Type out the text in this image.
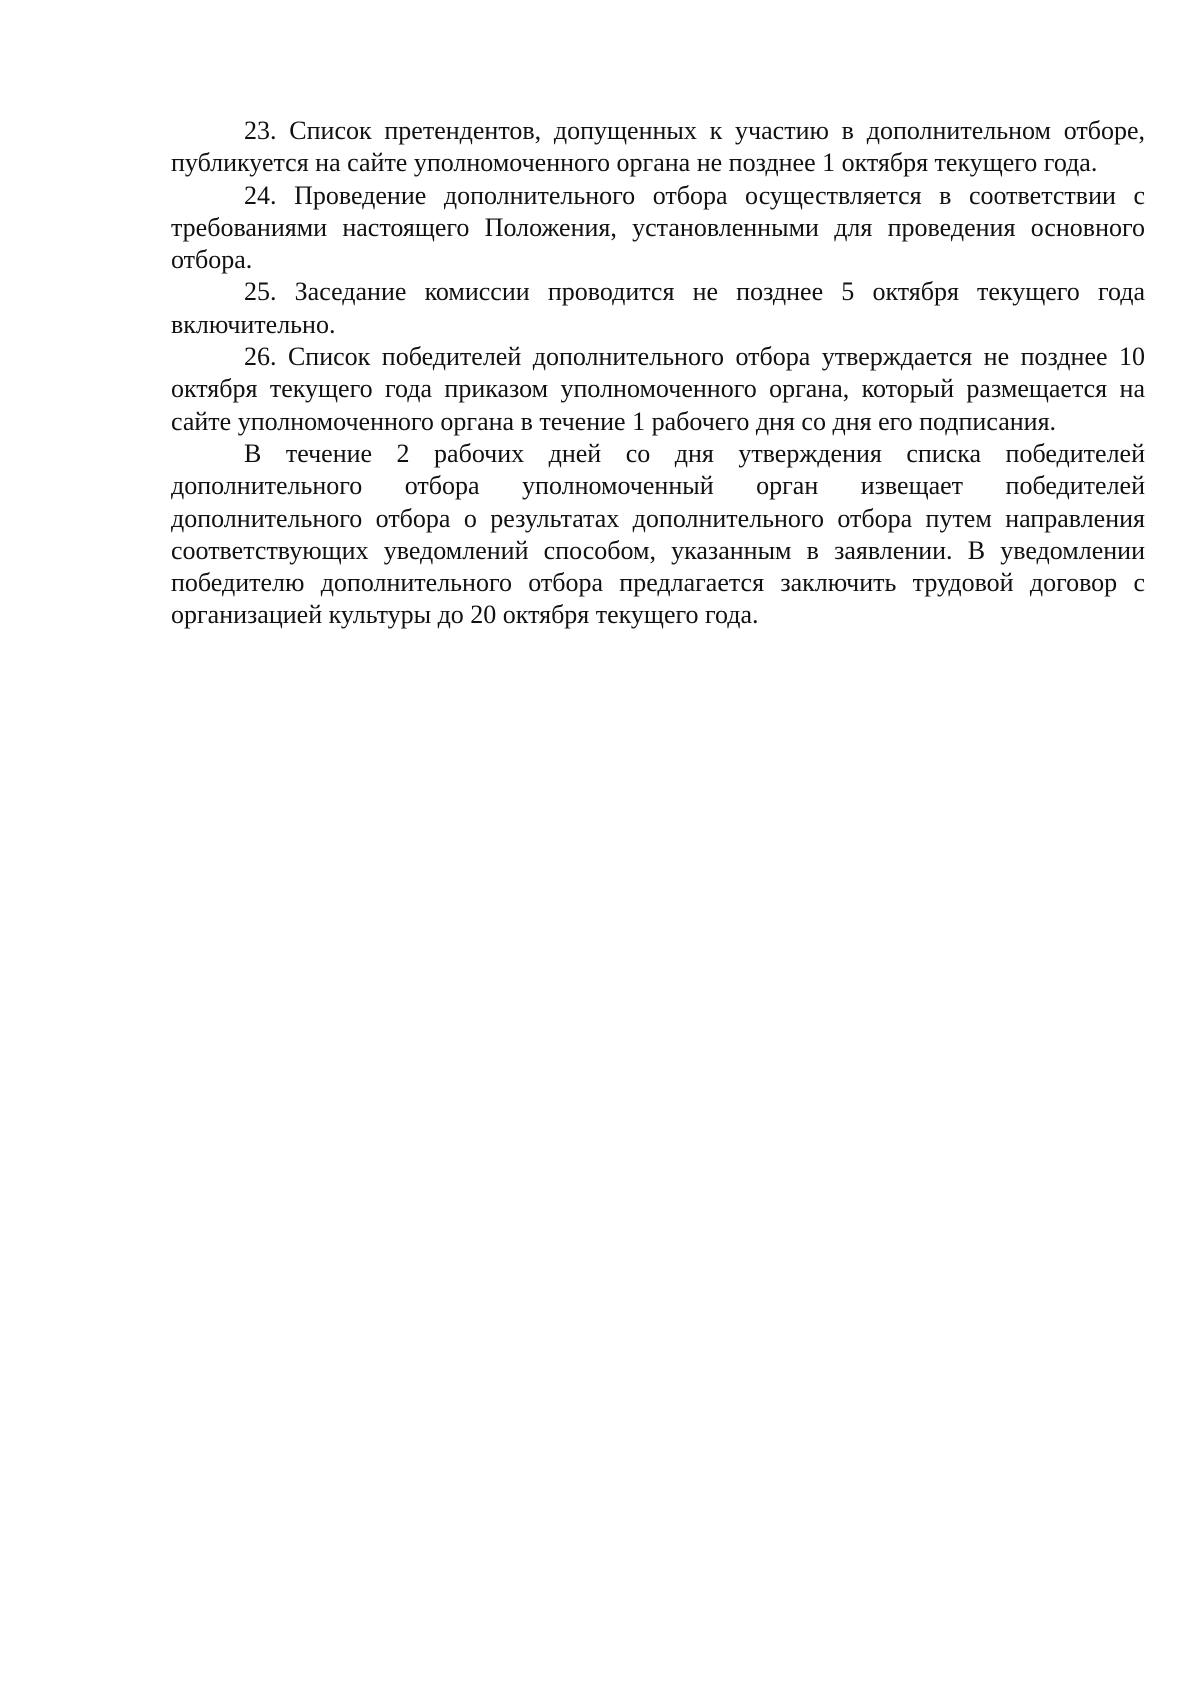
23. Список претендентов, допущенных к участию в дополнительном отборе, публикуется на сайте уполномоченного органа не позднее 1 октября текущего года.

24. Проведение дополнительного отбора осуществляется в соответствии с требованиями настоящего Положения, установленными для проведения основного отбора.

25. Заседание комиссии проводится не позднее 5 октября текущего года включительно.

26. Список победителей дополнительного отбора утверждается не позднее 10 октября текущего года приказом уполномоченного органа, который размещается на сайте уполномоченного органа в течение 1 рабочего дня со дня его подписания.

В течение 2 рабочих дней со дня утверждения списка победителей дополнительного отбора уполномоченный орган извещает победителей дополнительного отбора о результатах дополнительного отбора путем направления соответствующих уведомлений способом, указанным в заявлении. В уведомлении победителю дополнительного отбора предлагается заключить трудовой договор с организацией культуры до 20 октября текущего года.
